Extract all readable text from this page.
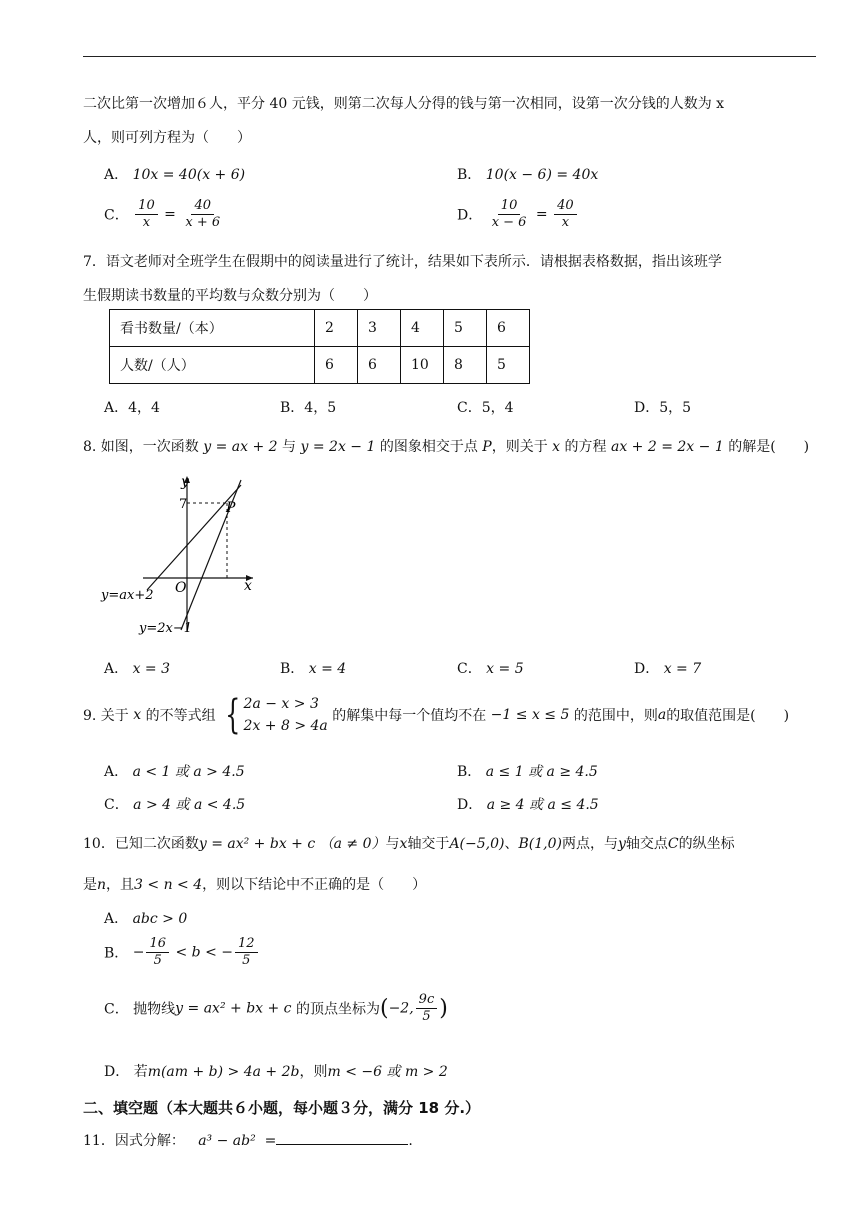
二次比第一次增加６人，平分 40 元钱，则第二次每人分得的钱与第一次相同，设第一次分钱的人数为 x
人，则可列方程为（　　）
A． 10x = 40(x + 6)	B． 10(x − 6) = 40x
C． $\frac{10}{x} = \frac{40}{x + 6}$	D． $\frac{10}{x - 6} = \frac{40}{x}$
7．语文老师对全班学生在假期中的阅读量进行了统计，结果如下表所示．请根据表格数据，指出该班学
生假期读书数量的平均数与众数分别为（　　）
看书数量/（本）	2	3	4	5	6
人数/（人）	6	6	10	8	5
A．4，4	B．4，5	C．5，4	D．5，5
8. 如图，一次函数 y = ax + 2 与 y = 2x − 1 的图象相交于点 P，则关于 x 的方程 ax + 2 = 2x − 1 的解是(　　)
y
x
O
7	P
y=ax+2
y=2x−1
A． x = 3	B． x = 4	C． x = 5	D． x = 7
9. 关于 x 的不等式组 { 2a − x > 3
2x + 8 > 4a
的解集中每一个值均不在 −1 ≤ x ≤ 5 的范围中，则a的取值范围是(　　)
A． a < 1 或 a > 4.5	B． a ≤ 1 或 a ≥ 4.5
C． a > 4 或 a < 4.5	D． a ≥ 4 或 a ≤ 4.5
10．已知二次函数y = ax² + bx + c （a ≠ 0）与x轴交于A(−5,0)、B(1,0)两点，与y轴交点C的纵坐标
是n，且3 < n < 4，则以下结论中不正确的是（　　）
A． abc > 0
B． − $\frac{16}{5} < b$ < − $\frac{12}{5}$
C． 抛物线y = ax² + bx + c 的顶点坐标为(−2, $\frac{9c}{5}$ )
D． 若m(am + b) > 4a + 2b，则m < −6 或 m > 2
二、填空题（本大题共６小题，每小题３分，满分 18 分.）
11．因式分解： a³ − ab² =	.
